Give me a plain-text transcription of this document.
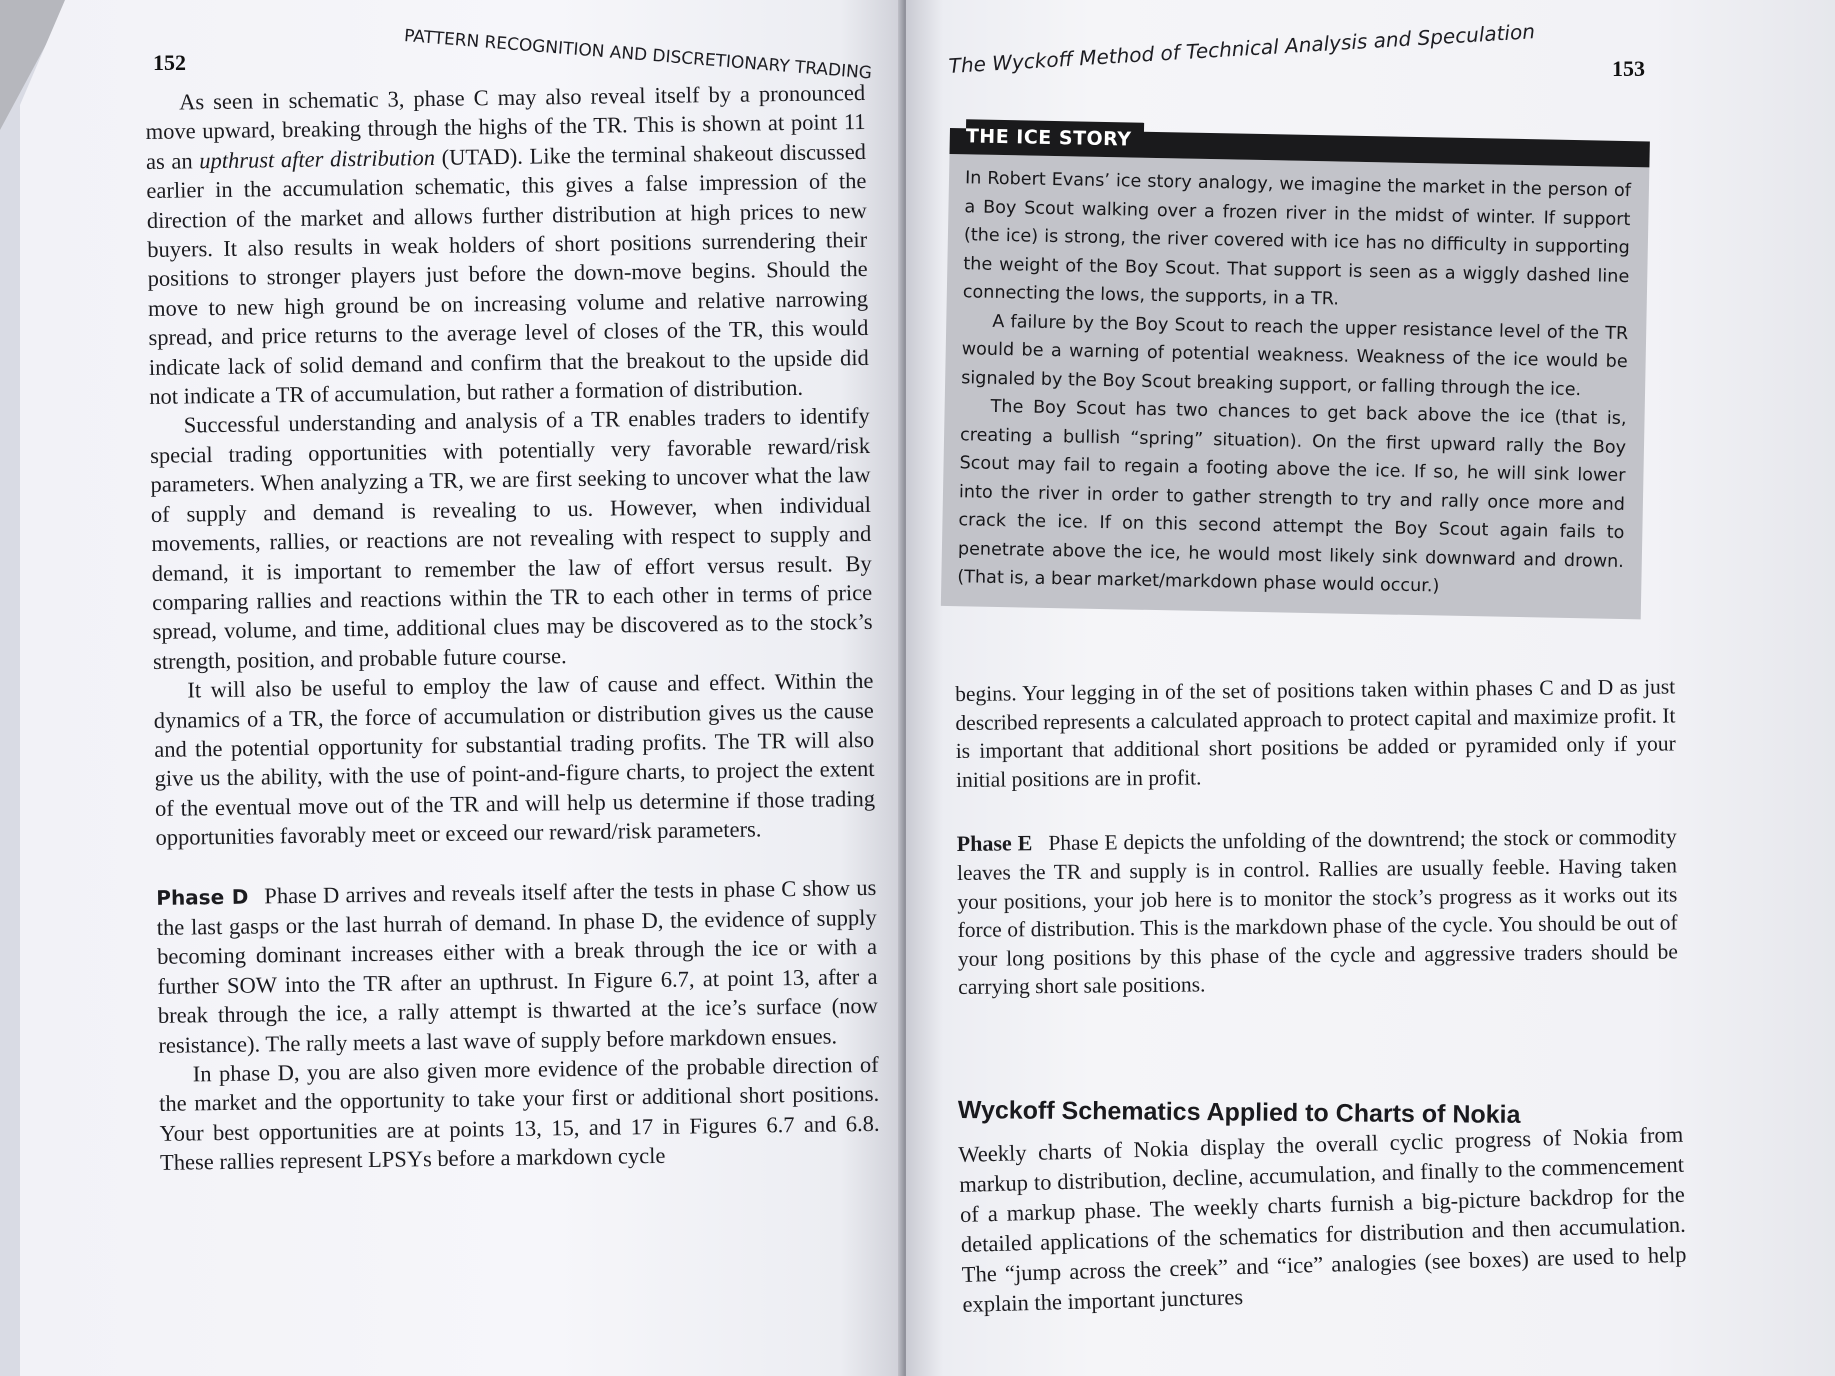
PATTERN RECOGNITION AND DISCRETIONARY TRADING
152

As seen in schematic 3, phase C may also reveal itself by a pronounced move upward, breaking through the highs of the TR. This is shown at point 11 as an upthrust after distribution (UTAD). Like the terminal shakeout discussed earlier in the accumulation schematic, this gives a false impression of the direction of the market and allows further distribution at high prices to new buyers. It also results in weak holders of short positions surrendering their positions to stronger players just before the down-move begins. Should the move to new high ground be on increasing volume and relative narrowing spread, and price returns to the average level of closes of the TR, this would indicate lack of solid demand and confirm that the breakout to the upside did not indicate a TR of accumulation, but rather a formation of distribution.

Successful understanding and analysis of a TR enables traders to identify special trading opportunities with potentially very favorable reward/risk parameters. When analyzing a TR, we are first seeking to uncover what the law of supply and demand is revealing to us. However, when individual movements, rallies, or reactions are not revealing with respect to supply and demand, it is important to remember the law of effort versus result. By comparing rallies and reactions within the TR to each other in terms of price spread, volume, and time, additional clues may be discovered as to the stock’s strength, position, and probable future course.

It will also be useful to employ the law of cause and effect. Within the dynamics of a TR, the force of accumulation or distribution gives us the cause and the potential opportunity for substantial trading profits. The TR will also give us the ability, with the use of point-and-figure charts, to project the extent of the eventual move out of the TR and will help us determine if those trading opportunities favorably meet or exceed our reward/risk parameters.

Phase D Phase D arrives and reveals itself after the tests in phase C show us the last gasps or the last hurrah of demand. In phase D, the evidence of supply becoming dominant increases either with a break through the ice or with a further SOW into the TR after an upthrust. In Figure 6.7, at point 13, after a break through the ice, a rally attempt is thwarted at the ice’s surface (now resistance). The rally meets a last wave of supply before markdown ensues.

In phase D, you are also given more evidence of the probable direction of the market and the opportunity to take your first or additional short positions. Your best opportunities are at points 13, 15, and 17 in Figures 6.7 and 6.8. These rallies represent LPSYs before a markdown cycle

The Wyckoff Method of Technical Analysis and Speculation	153
THE ICE STORY

In Robert Evans’ ice story analogy, we imagine the market in the person of a Boy Scout walking over a frozen river in the midst of winter. If support (the ice) is strong, the river covered with ice has no difficulty in supporting the weight of the Boy Scout. That support is seen as a wiggly dashed line connecting the lows, the supports, in a TR.

A failure by the Boy Scout to reach the upper resistance level of the TR would be a warning of potential weakness. Weakness of the ice would be signaled by the Boy Scout breaking support, or falling through the ice.

The Boy Scout has two chances to get back above the ice (that is, creating a bullish “spring” situation). On the first upward rally the Boy Scout may fail to regain a footing above the ice. If so, he will sink lower into the river in order to gather strength to try and rally once more and crack the ice. If on this second attempt the Boy Scout again fails to penetrate above the ice, he would most likely sink downward and drown. (That is, a bear market/markdown phase would occur.)

begins. Your legging in of the set of positions taken within phases C and D as just described represents a calculated approach to protect capital and maximize profit. It is important that additional short positions be added or pyramided only if your initial positions are in profit.

Phase E Phase E depicts the unfolding of the downtrend; the stock or commodity leaves the TR and supply is in control. Rallies are usually feeble. Having taken your positions, your job here is to monitor the stock’s progress as it works out its force of distribution. This is the markdown phase of the cycle. You should be out of your long positions by this phase of the cycle and aggressive traders should be carrying short sale positions.

Wyckoff Schematics Applied to Charts of Nokia

Weekly charts of Nokia display the overall cyclic progress of Nokia from markup to distribution, decline, accumulation, and finally to the commencement of a markup phase. The weekly charts furnish a big-picture backdrop for the detailed applications of the schematics for distribution and then accumulation. The “jump across the creek” and “ice” analogies (see boxes) are used to help explain the important junctures
